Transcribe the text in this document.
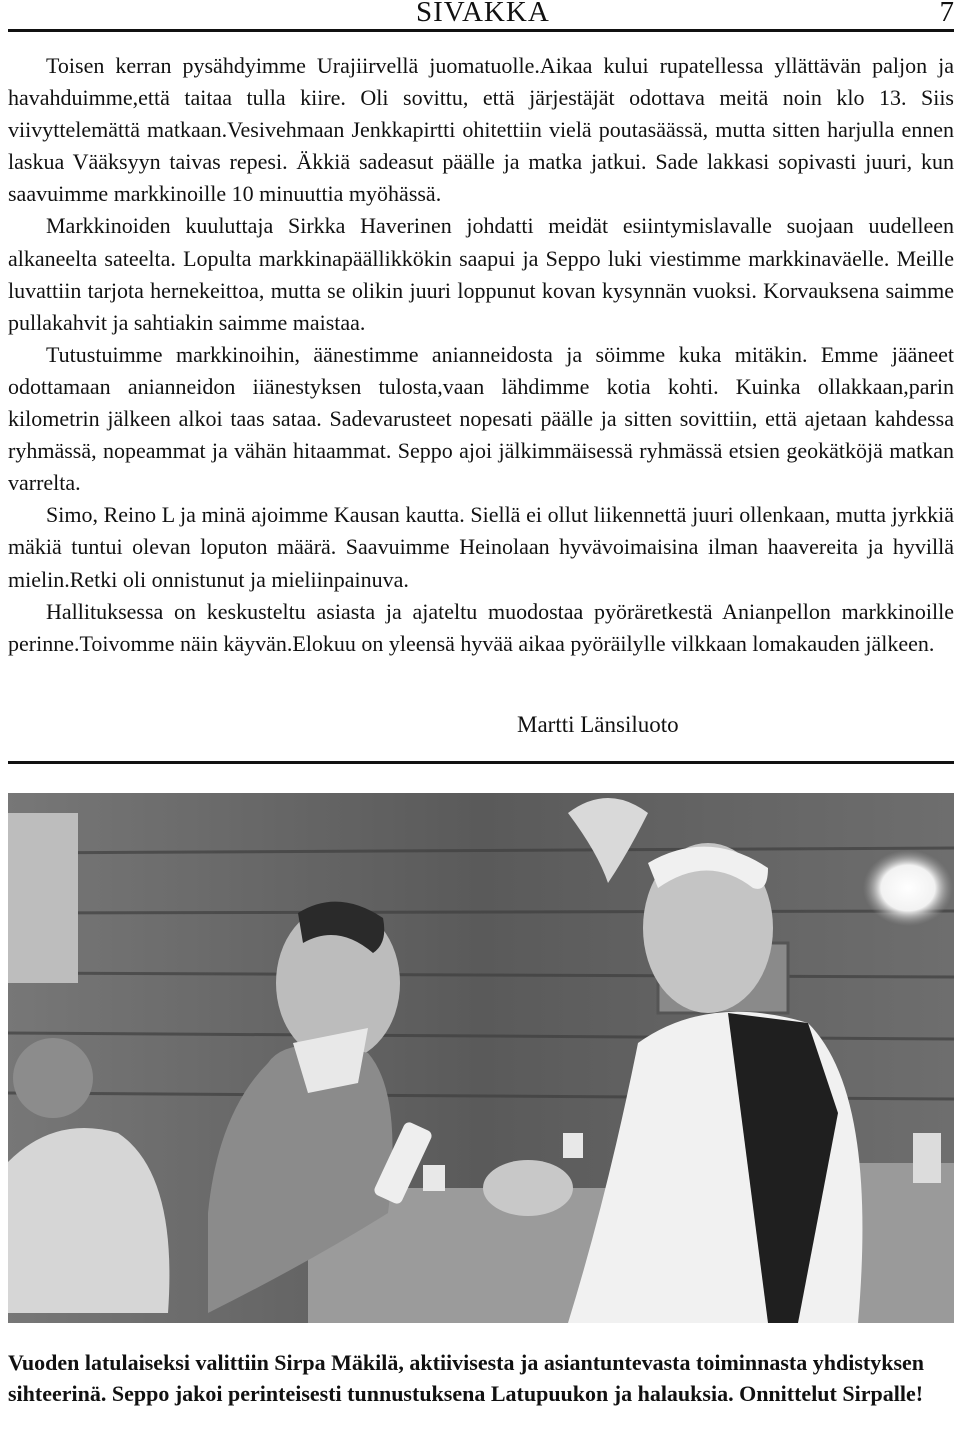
SIVAKKA	7

Toisen kerran pysähdyimme Urajiirvellä juomatuolle.Aikaa kului rupatellessa yllättävän paljon ja havahduimme,että taitaa tulla kiire. Oli sovittu, että järjestäjät odottava meitä noin klo 13. Siis viivyttelemättä matkaan.Vesivehmaan Jenkkapirtti ohitettiin vielä poutasäässä, mutta sitten harjulla ennen laskua Vääksyyn taivas repesi. Äkkiä sadeasut päälle ja matka jatkui. Sade lakkasi sopivasti juuri, kun saavuimme markkinoille 10 minuuttia myöhässä.

Markkinoiden kuuluttaja Sirkka Haverinen johdatti meidät esiintymislavalle suojaan uudelleen alkaneelta sateelta. Lopulta markkinapäällikkökin saapui ja Seppo luki viestimme markkinaväelle. Meille luvattiin tarjota hernekeittoa, mutta se olikin juuri loppunut kovan kysynnän vuoksi. Korvauksena saimme pullakahvit ja sahtiakin saimme maistaa.

Tutustuimme markkinoihin, äänestimme anianneidosta ja söimme kuka mitäkin. Emme jääneet odottamaan anianneidon iiänestyksen tulosta,vaan lähdimme kotia kohti. Kuinka ollakkaan,parin kilometrin jälkeen alkoi taas sataa. Sadevarusteet nopesati päälle ja sitten sovittiin, että ajetaan kahdessa ryhmässä, nopeammat ja vähän hitaammat. Seppo ajoi jälkimmäisessä ryhmässä etsien geokätköjä matkan varrelta.

Simo, Reino L ja minä ajoimme Kausan kautta. Siellä ei ollut liikennettä juuri ollenkaan, mutta jyrkkiä mäkiä tuntui olevan loputon määrä. Saavuimme Heinolaan hyvävoimaisina ilman haavereita ja hyvillä mielin.Retki oli onnistunut ja mieliinpainuva.

Hallituksessa on keskusteltu asiasta ja ajateltu muodostaa pyöräretkestä Anianpellon markkinoille perinne.Toivomme näin käyvän.Elokuu on yleensä hyvää aikaa pyöräilylle vilkkaan lomakauden jälkeen.

Martti Länsiluoto
Vuoden latulaiseksi valittiin Sirpa Mäkilä, aktiivisesta ja asiantuntevasta toiminnasta yhdistyksen sihteerinä. Seppo jakoi perinteisesti tunnustuksena Latupuukon ja halauksia. Onnittelut Sirpalle!
